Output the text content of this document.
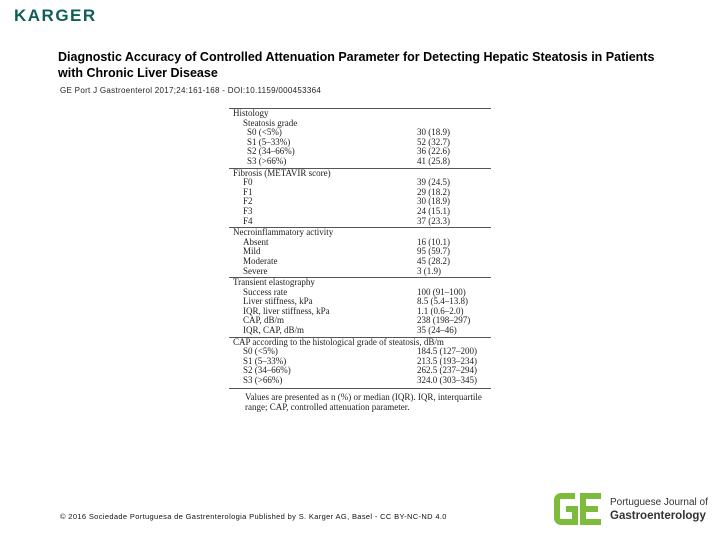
KARGER
Diagnostic Accuracy of Controlled Attenuation Parameter for Detecting Hepatic Steatosis in Patients with Chronic Liver Disease
GE Port J Gastroenterol 2017;24:161-168 - DOI:10.1159/000453364
Histology
Steatosis grade
S0 (<5%)	30 (18.9)
S1 (5–33%)	52 (32.7)
S2 (34–66%)	36 (22.6)
S3 (>66%)	41 (25.8)
Fibrosis (METAVIR score)
F0	39 (24.5)
F1	29 (18.2)
F2	30 (18.9)
F3	24 (15.1)
F4	37 (23.3)
Necroinflammatory activity
Absent	16 (10.1)
Mild	95 (59.7)
Moderate	45 (28.2)
Severe	3 (1.9)
Transient elastography
Success rate	100 (91–100)
Liver stiffness, kPa	8.5 (5.4–13.8)
IQR, liver stiffness, kPa	1.1 (0.6–2.0)
CAP, dB/m	238 (198–297)
IQR, CAP, dB/m	35 (24–46)
CAP according to the histological grade of steatosis, dB/m
S0 (<5%)	184.5 (127–200)
S1 (5–33%)	213.5 (193–234)
S2 (34–66%)	262.5 (237–294)
S3 (>66%)	324.0 (303–345)
Values are presented as n (%) or median (IQR). IQR, interquartile range; CAP, controlled attenuation parameter.
© 2016 Sociedade Portuguesa de Gastrenterologia Published by S. Karger AG, Basel - CC BY-NC-ND 4.0
Portuguese Journal of
Gastroenterology
